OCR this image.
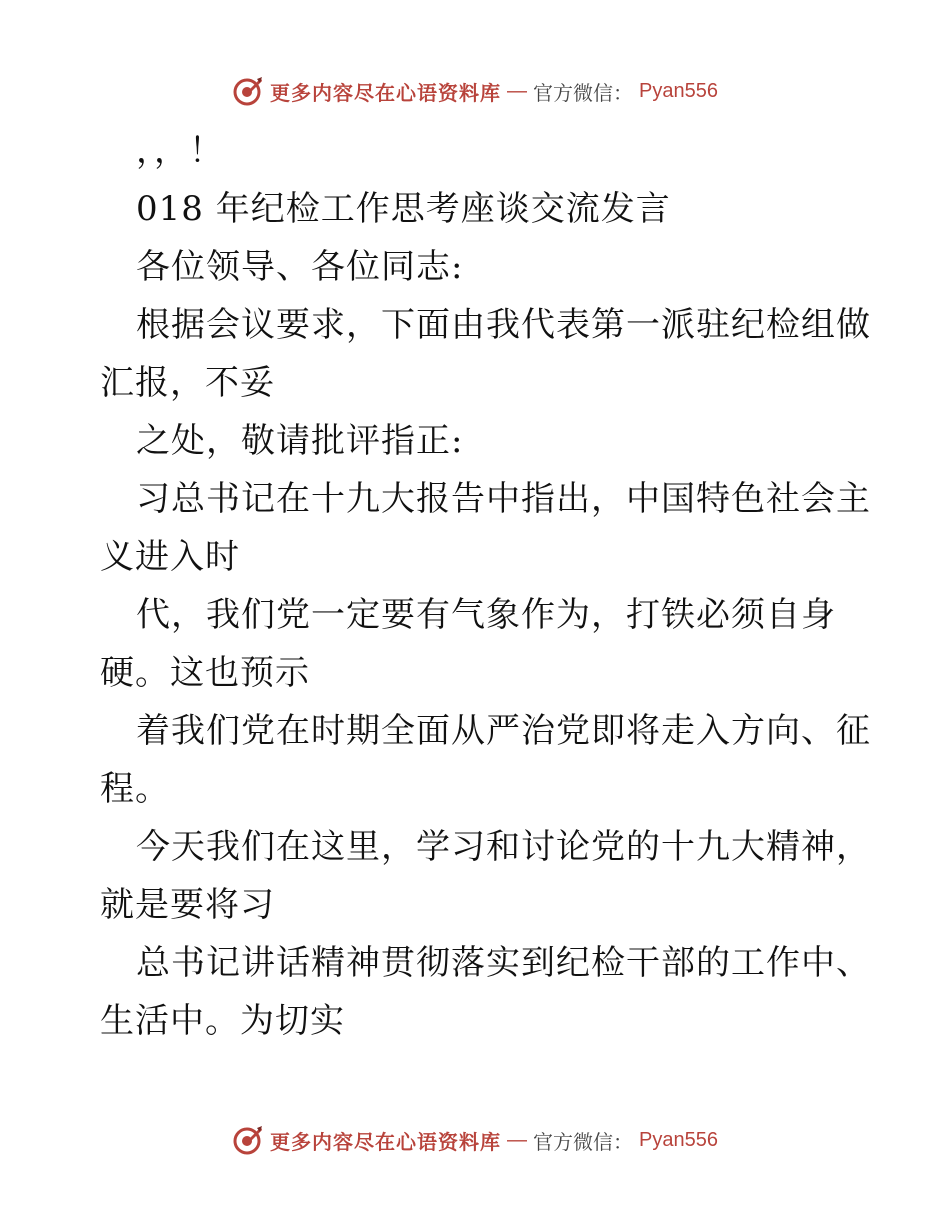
更多内容尽在心语资料库 — 官方微信： Pyan556
，，！
018 年纪检工作思考座谈交流发言
各位领导、各位同志:
根据会议要求，下面由我代表第一派驻纪检组做
汇报，不妥
之处，敬请批评指正:
习总书记在十九大报告中指出，中国特色社会主
义进入时
代，我们党一定要有气象作为，打铁必须自身
硬。这也预示
着我们党在时期全面从严治党即将走入方向、征
程。
今天我们在这里，学习和讨论党的十九大精神，
就是要将习
总书记讲话精神贯彻落实到纪检干部的工作中、
生活中。为切实
更多内容尽在心语资料库 — 官方微信： Pyan556
